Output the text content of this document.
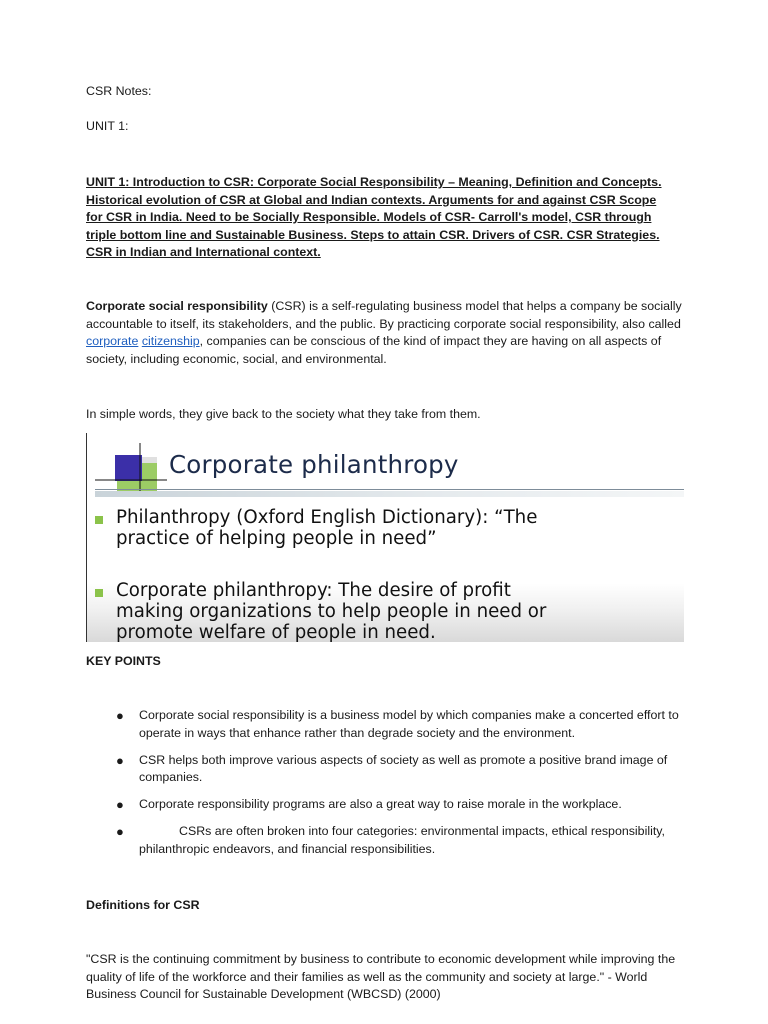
CSR Notes:
UNIT 1:
UNIT 1: Introduction to CSR: Corporate Social Responsibility – Meaning, Definition and Concepts. Historical evolution of CSR at Global and Indian contexts. Arguments for and against CSR Scope for CSR in India. Need to be Socially Responsible. Models of CSR- Carroll's model, CSR through triple bottom line and Sustainable Business. Steps to attain CSR. Drivers of CSR. CSR Strategies. CSR in Indian and International context.
Corporate social responsibility (CSR) is a self-regulating business model that helps a company be socially accountable to itself, its stakeholders, and the public. By practicing corporate social responsibility, also called corporate citizenship, companies can be conscious of the kind of impact they are having on all aspects of society, including economic, social, and environmental.
In simple words, they give back to the society what they take from them.
Corporate philanthropy
Philanthropy (Oxford English Dictionary): “The
practice of helping people in need”
Corporate philanthropy: The desire of profit
making organizations to help people in need or
promote welfare of people in need.
KEY POINTS
● Corporate social responsibility is a business model by which companies make a concerted effort to operate in ways that enhance rather than degrade society and the environment.
● CSR helps both improve various aspects of society as well as promote a positive brand image of companies.
● Corporate responsibility programs are also a great way to raise morale in the workplace.
●	CSRs are often broken into four categories: environmental impacts, ethical responsibility, philanthropic endeavors, and financial responsibilities.
Definitions for CSR
"CSR is the continuing commitment by business to contribute to economic development while improving the quality of life of the workforce and their families as well as the community and society at large." - World Business Council for Sustainable Development (WBCSD) (2000)
